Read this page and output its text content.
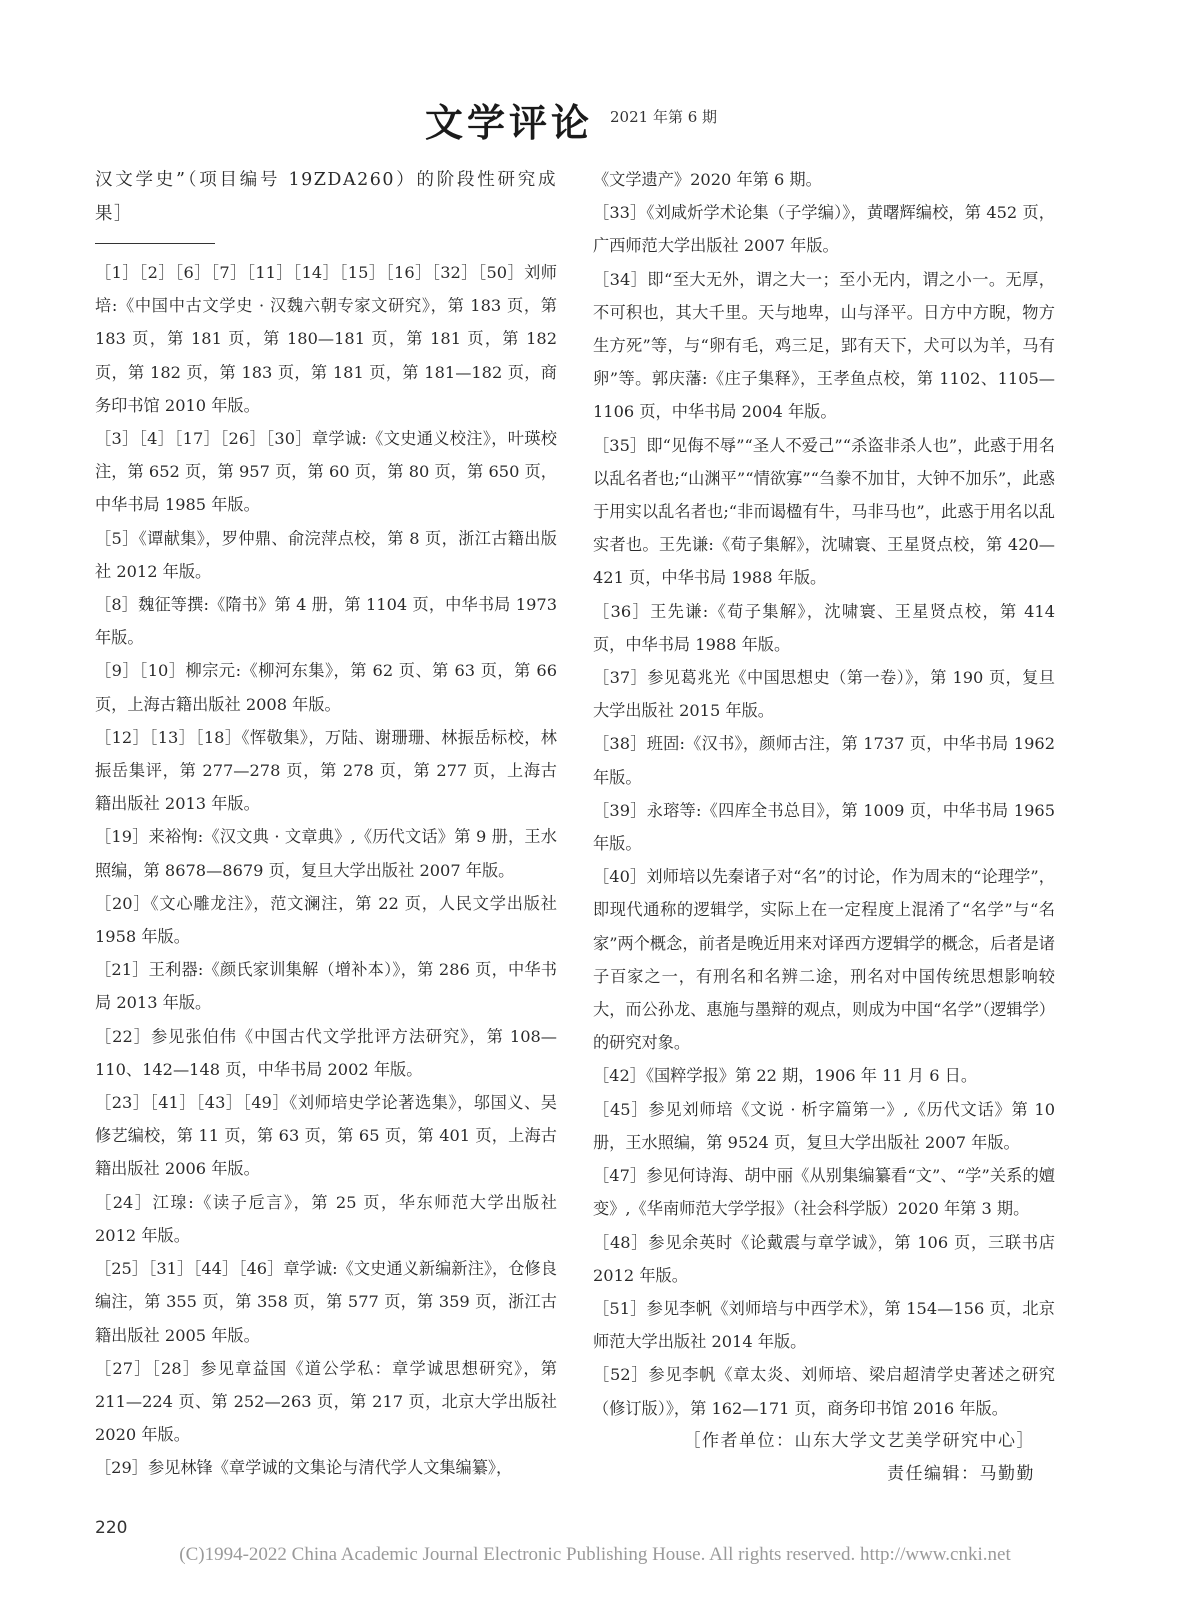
文学评论 2021 年第 6 期

汉文学史”（项目编号 19ZDA260）的阶段性研究成果］

［1］［2］［6］［7］［11］［14］［15］［16］［32］［50］刘师培:《中国中古文学史 · 汉魏六朝专家文研究》，第 183 页，第 183 页，第 181 页，第 180—181 页，第 181 页，第 182 页，第 182 页，第 183 页，第 181 页，第 181—182 页，商务印书馆 2010 年版。

［3］［4］［17］［26］［30］章学诚:《文史通义校注》，叶瑛校注，第 652 页，第 957 页，第 60 页，第 80 页，第 650 页，中华书局 1985 年版。

［5］《谭献集》，罗仲鼎、俞浣萍点校，第 8 页，浙江古籍出版社 2012 年版。

［8］魏征等撰:《隋书》第 4 册，第 1104 页，中华书局 1973 年版。

［9］［10］柳宗元:《柳河东集》，第 62 页、第 63 页，第 66 页，上海古籍出版社 2008 年版。

［12］［13］［18］《恽敬集》，万陆、谢珊珊、林振岳标校，林振岳集评，第 277—278 页，第 278 页，第 277 页，上海古籍出版社 2013 年版。

［19］来裕恂:《汉文典 · 文章典》,《历代文话》第 9 册，王水照编，第 8678—8679 页，复旦大学出版社 2007 年版。

［20］《文心雕龙注》，范文澜注，第 22 页，人民文学出版社 1958 年版。

［21］王利器:《颜氏家训集解（增补本）》，第 286 页，中华书局 2013 年版。

［22］参见张伯伟《中国古代文学批评方法研究》，第 108—110、142—148 页，中华书局 2002 年版。

［23］［41］［43］［49］《刘师培史学论著选集》，邬国义、吴修艺编校，第 11 页，第 63 页，第 65 页，第 401 页，上海古籍出版社 2006 年版。

［24］江瑔:《读子卮言》，第 25 页，华东师范大学出版社 2012 年版。

［25］［31］［44］［46］章学诚:《文史通义新编新注》，仓修良编注，第 355 页，第 358 页，第 577 页，第 359 页，浙江古籍出版社 2005 年版。

［27］［28］参见章益国《道公学私：章学诚思想研究》，第 211—224 页、第 252—263 页，第 217 页，北京大学出版社 2020 年版。

［29］参见林锋《章学诚的文集论与清代学人文集编纂》，

《文学遗产》2020 年第 6 期。

［33］《刘咸炘学术论集（子学编）》，黄曙辉编校，第 452 页，广西师范大学出版社 2007 年版。

［34］即“至大无外，谓之大一；至小无内，谓之小一。无厚，不可积也，其大千里。天与地卑，山与泽平。日方中方睨，物方生方死”等，与“卵有毛，鸡三足，郢有天下，犬可以为羊，马有卵”等。郭庆藩:《庄子集释》，王孝鱼点校，第 1102、1105—1106 页，中华书局 2004 年版。

［35］即“见侮不辱”“圣人不爱己”“杀盗非杀人也”，此惑于用名以乱名者也;“山渊平”“情欲寡”“刍豢不加甘，大钟不加乐”，此惑于用实以乱名者也;“非而谒楹有牛，马非马也”，此惑于用名以乱实者也。王先谦:《荀子集解》，沈啸寰、王星贤点校，第 420—421 页，中华书局 1988 年版。

［36］王先谦:《荀子集解》，沈啸寰、王星贤点校，第 414 页，中华书局 1988 年版。

［37］参见葛兆光《中国思想史（第一卷）》，第 190 页，复旦大学出版社 2015 年版。

［38］班固:《汉书》，颜师古注，第 1737 页，中华书局 1962 年版。

［39］永瑢等:《四库全书总目》，第 1009 页，中华书局 1965 年版。

［40］刘师培以先秦诸子对“名”的讨论，作为周末的“论理学”，即现代通称的逻辑学，实际上在一定程度上混淆了“名学”与“名家”两个概念，前者是晚近用来对译西方逻辑学的概念，后者是诸子百家之一，有刑名和名辨二途，刑名对中国传统思想影响较大，而公孙龙、惠施与墨辩的观点，则成为中国“名学”（逻辑学）的研究对象。

［42］《国粹学报》第 22 期，1906 年 11 月 6 日。

［45］参见刘师培《文说 · 析字篇第一》,《历代文话》第 10 册，王水照编，第 9524 页，复旦大学出版社 2007 年版。

［47］参见何诗海、胡中丽《从别集编纂看“文”、“学”关系的嬗变》,《华南师范大学学报》（社会科学版）2020 年第 3 期。

［48］参见余英时《论戴震与章学诚》，第 106 页，三联书店 2012 年版。

［51］参见李帆《刘师培与中西学术》，第 154—156 页，北京师范大学出版社 2014 年版。

［52］参见李帆《章太炎、刘师培、梁启超清学史著述之研究（修订版）》，第 162—171 页，商务印书馆 2016 年版。

［作者单位：山东大学文艺美学研究中心］

责任编辑：马勤勤

220
(C)1994-2022 China Academic Journal Electronic Publishing House. All rights reserved. http://www.cnki.net
